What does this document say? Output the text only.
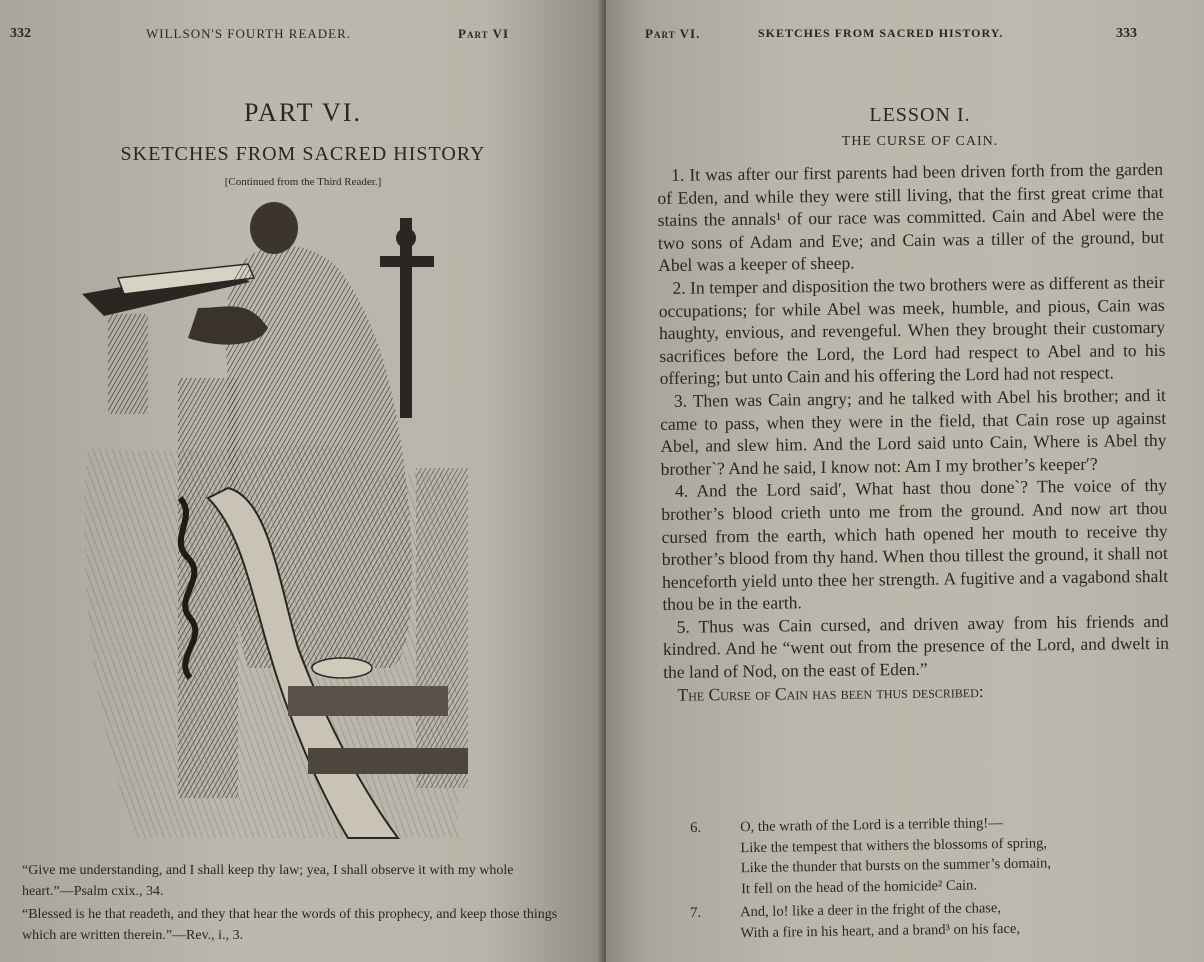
332	WILLSON'S FOURTH READER.	Part VI
PART VI.
SKETCHES FROM SACRED HISTORY
[Continued from the Third Reader.]
“Give me understanding, and I shall keep thy law; yea, I shall observe it with my whole heart.”—Psalm cxix., 34.
“Blessed is he that readeth, and they that hear the words of this prophecy, and keep those things which are written therein.”—Rev., i., 3.
Part VI.	SKETCHES FROM SACRED HISTORY.	333
LESSON I.
THE CURSE OF CAIN.

1. It was after our first parents had been driven forth from the garden of Eden, and while they were still living, that the first great crime that stains the annals¹ of our race was committed. Cain and Abel were the two sons of Adam and Eve; and Cain was a tiller of the ground, but Abel was a keeper of sheep.

2. In temper and disposition the two brothers were as different as their occupations; for while Abel was meek, humble, and pious, Cain was haughty, envious, and revengeful. When they brought their customary sacrifices before the Lord, the Lord had respect to Abel and to his offering; but unto Cain and his offering the Lord had not respect.

3. Then was Cain angry; and he talked with Abel his brother; and it came to pass, when they were in the field, that Cain rose up against Abel, and slew him. And the Lord said unto Cain, Where is Abel thy brother`? And he said, I know not: Am I my brother’s keeper′?

4. And the Lord said′, What hast thou done`? The voice of thy brother’s blood crieth unto me from the ground. And now art thou cursed from the earth, which hath opened her mouth to receive thy brother’s blood from thy hand. When thou tillest the ground, it shall not henceforth yield unto thee her strength. A fugitive and a vagabond shalt thou be in the earth.

5. Thus was Cain cursed, and driven away from his friends and kindred. And he “went out from the presence of the Lord, and dwelt in the land of Nod, on the east of Eden.”

The Curse of Cain has been thus described:

6.	O, the wrath of the Lord is a terrible thing!—
Like the tempest that withers the blossoms of spring,
Like the thunder that bursts on the summer’s domain,
It fell on the head of the homicide² Cain.
7.	And, lo! like a deer in the fright of the chase,
With a fire in his heart, and a brand³ on his face,
